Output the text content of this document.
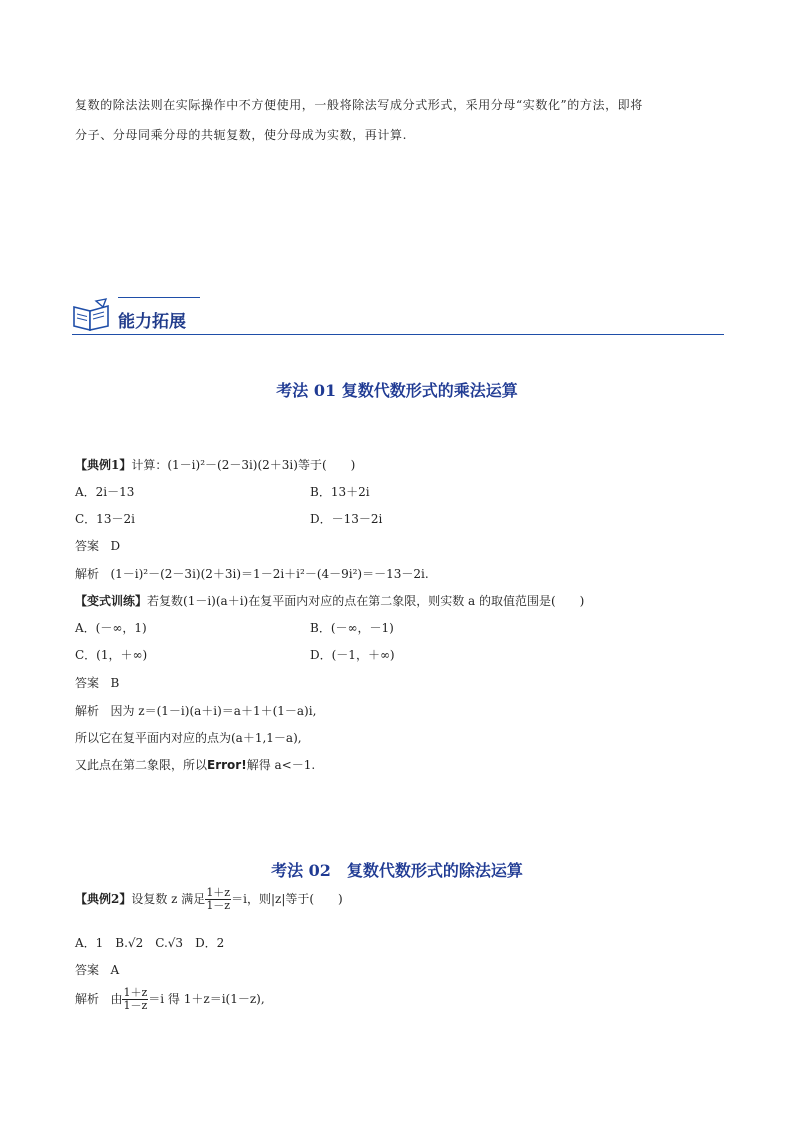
复数的除法法则在实际操作中不方便使用，一般将除法写成分式形式，采用分母“实数化”的方法，即将
分子、分母同乘分母的共轭复数，使分母成为实数，再计算.
能力拓展
考法 01 复数代数形式的乘法运算
【典例1】计算：(1－i)²－(2－3i)(2＋3i)等于(　　)
A．2i－13	B．13＋2i
C．13－2i	D．－13－2i
答案 D
解析 (1－i)²－(2－3i)(2＋3i)＝1－2i＋i²－(4－9i²)＝－13－2i.
【变式训练】若复数(1－i)(a＋i)在复平面内对应的点在第二象限，则实数 a 的取值范围是(　　)
A．(－∞，1)	B．(－∞，－1)
C．(1，＋∞)	D．(－1，＋∞)
答案 B
解析 因为 z＝(1－i)(a＋i)＝a＋1＋(1－a)i,
所以它在复平面内对应的点为(a＋1,1－a),
又此点在第二象限，所以Error!解得 a<－1.
考法 02　复数代数形式的除法运算
【典例2】设复数 z 满足 $\frac{1+z}{1-z} =i$，则|z|等于(　　)
A．1　B.√2　C.√3　D．2
答案 A
解析 由 $\frac{1+z}{1-z} =i$ 得 1＋z＝i(1－z),
